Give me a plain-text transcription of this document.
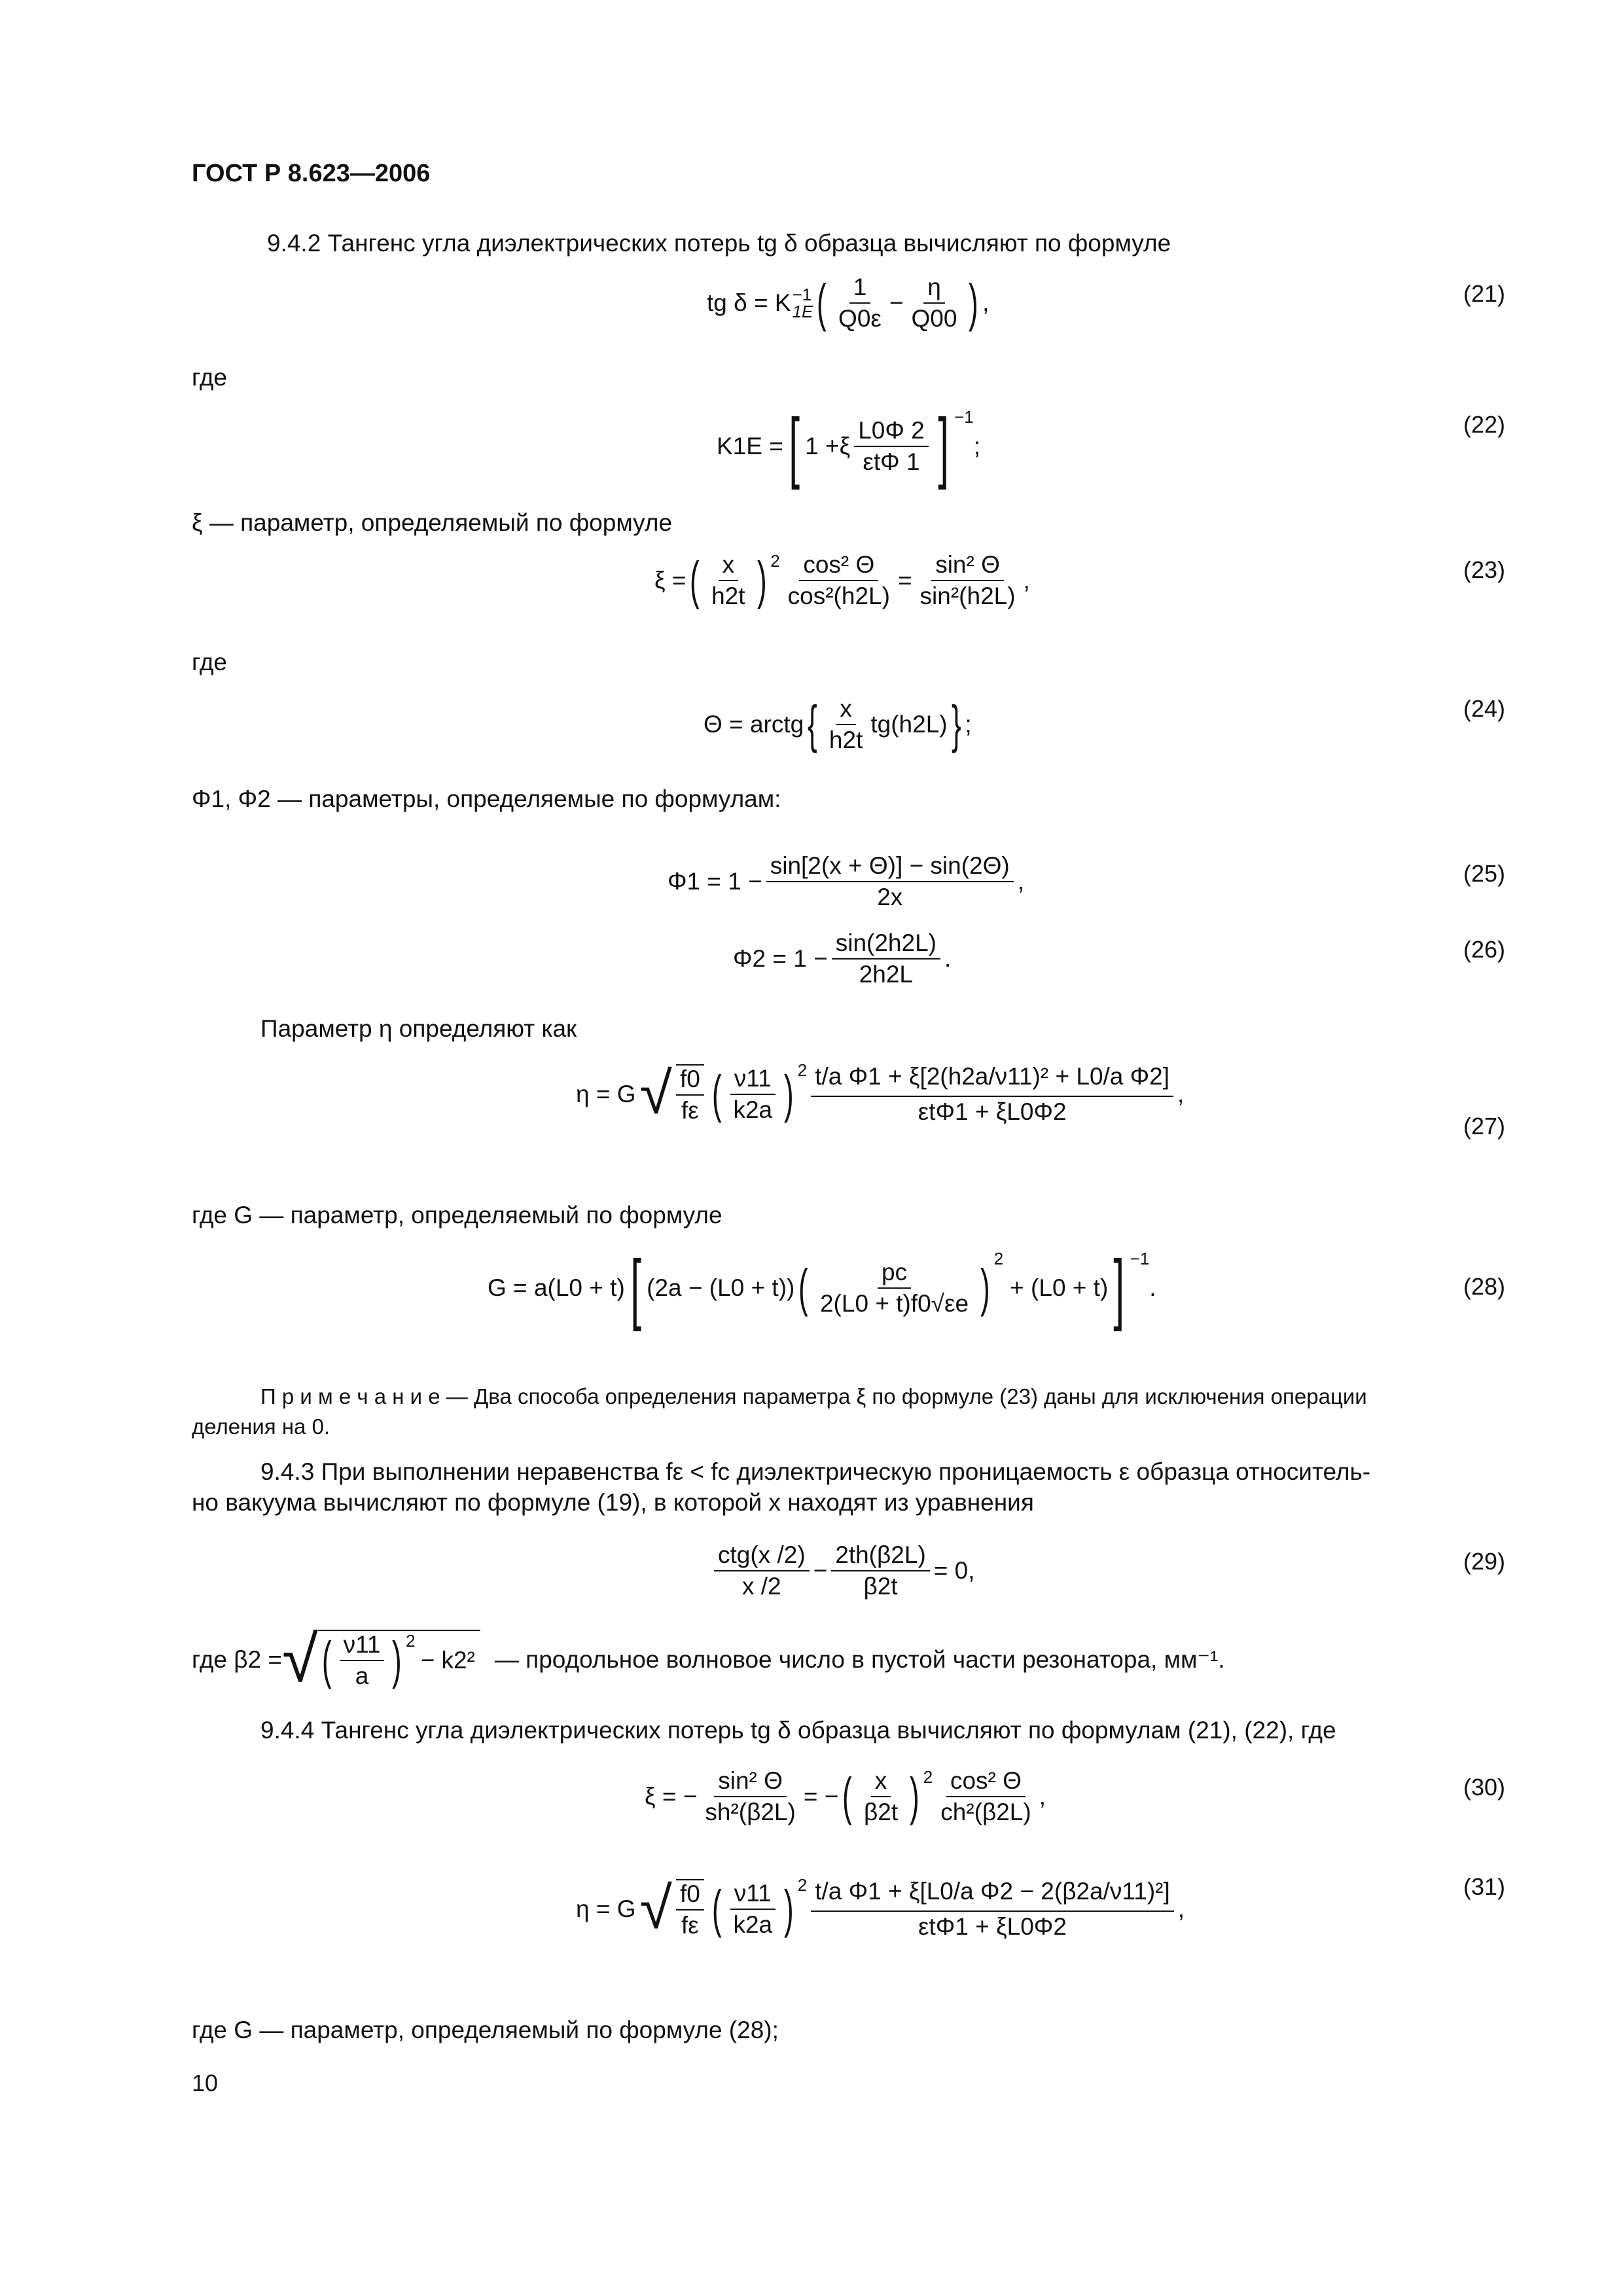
ГОСТ Р 8.623—2006
9.4.2 Тангенс угла диэлектрических потерь tg δ образца вычисляют по формуле
tg δ = K −1
1E ( $\frac{1}{Q0\varepsilon} - \frac{\eta}{Q00}$ ) ,	(21)
где
K1E = [ 1 + ξ $\frac{L0\Phi 2}{\text{εtΦ 1}}$ ] $^{-1}$
;
(22)
ξ — параметр, определяемый по формуле
ξ = ( $\frac{x}{h2t} )^2 \frac{\text{cos² Θ}}{\text{cos²(h2L)}} = \frac{\text{sin² Θ}}{\text{sin²(h2L)}}$ ,	(23)
где
Θ = arctg { $\frac{x}{h2t} tg(h2L)$ } ;
(24)
Φ1, Φ2 — параметры, определяемые по формулам:
$\Phi 1 = 1 - \frac{\sin[2(x + \Theta)] - \sin(2\Theta)}{2x}$ ,	(25)
$\Phi 2 = 1 - \frac{\sin(2h2L)}{2h2L}$ .	(26)
Параметр η определяют как
η = G √ $\frac{f0}{f\varepsilon}$ ( $\frac{\nu 11}{k2a} )^2 \frac{\text{t/a Φ1 + ξ[2(h2a/ν11)² + L0/a Φ2]}}{\text{εtΦ1 + ξL0Φ2}}$ ,
(27)
где G — параметр, определяемый по формуле
G = a(L0 + t) [ (2a − (L0 + t)) ( $\frac{pc}{2(L0 + t)f0√\varepsilon e} )^2$
+ (L0 + t) ] $^{-1}$
.	(28)
П р и м е ч а н и е — Два способа определения параметра ξ по формуле (23) даны для исключения операции
деления на 0.
9.4.3 При выполнении неравенства fε < fc диэлектрическую проницаемость ε образца относитель-
но вакуума вычисляют по формуле (19), в которой x находят из уравнения
$\frac{\text{ctg(x /2)}}{x /2} - \frac{2th(\beta 2L)}{\beta 2t} = 0$,	(29)
где β2 = √ ( $\frac{\nu 11}{a} )^2$
− k2² — продольное волновое число в пустой части резонатора, мм⁻¹.
9.4.4 Тангенс угла диэлектрических потерь tg δ образца вычисляют по формулам (21), (22), где
ξ = − $\frac{\text{sin² Θ}}{\text{sh²(β2L)}}$ = − ( $\frac{x}{\beta 2t} )^2 \frac{\text{cos² Θ}}{\text{ch²(β2L)}}$ ,	(30)
η = G √ $\frac{f0}{f\varepsilon}$ ( $\frac{\nu 11}{k2a} )^2 \frac{\text{t/a Φ1 + ξ[L0/a Φ2 − 2(β2a/ν11)²]}}{\text{εtΦ1 + ξL0Φ2}}$ ,
(31)
где G — параметр, определяемый по формуле (28);
10
